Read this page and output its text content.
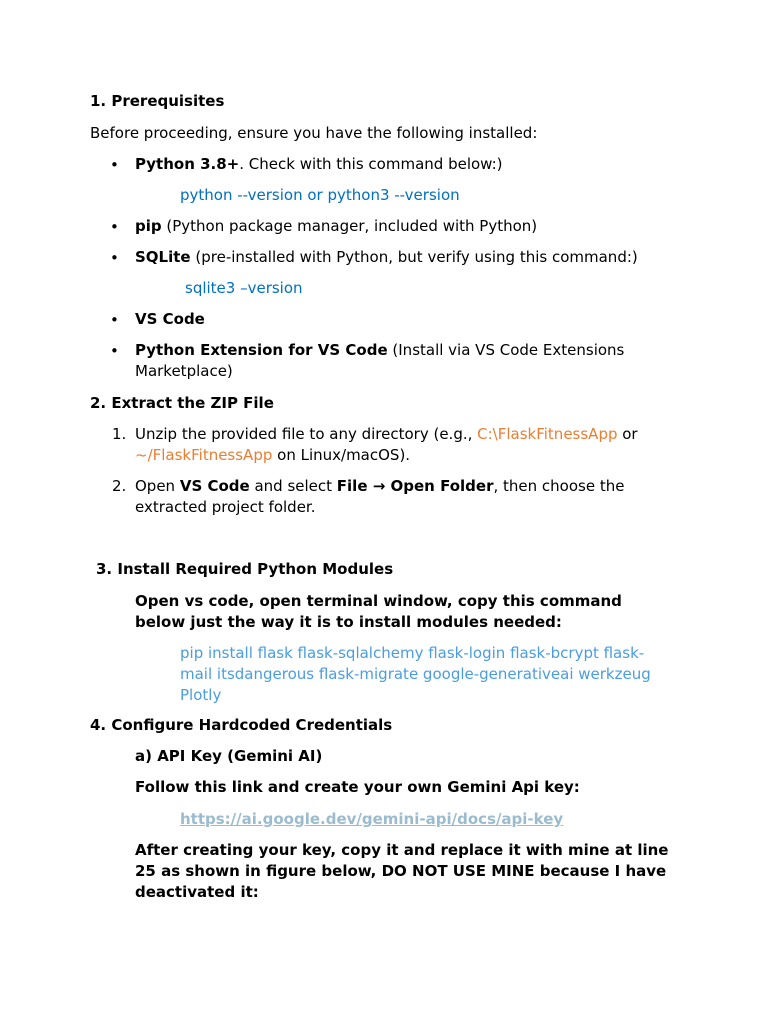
1. Prerequisites

Before proceeding, ensure you have the following installed:

• Python 3.8+. Check with this command below:)

python --version or python3 --version

• pip (Python package manager, included with Python)

• SQLite (pre-installed with Python, but verify using this command:)

sqlite3 –version

• VS Code

• Python Extension for VS Code (Install via VS Code Extensions Marketplace)

2. Extract the ZIP File

1. Unzip the provided file to any directory (e.g., C:\FlaskFitnessApp or
~/FlaskFitnessApp on Linux/macOS).

2. Open VS Code and select File → Open Folder, then choose the extracted project folder.

3. Install Required Python Modules

Open vs code, open terminal window, copy this command below just the way it is to install modules needed:

pip install flask flask-sqlalchemy flask-login flask-bcrypt flask-mail itsdangerous flask-migrate google-generativeai werkzeug Plotly

4. Configure Hardcoded Credentials

a) API Key (Gemini AI)

Follow this link and create your own Gemini Api key:

https://ai.google.dev/gemini-api/docs/api-key

After creating your key, copy it and replace it with mine at line 25 as shown in figure below, DO NOT USE MINE because I have deactivated it:
